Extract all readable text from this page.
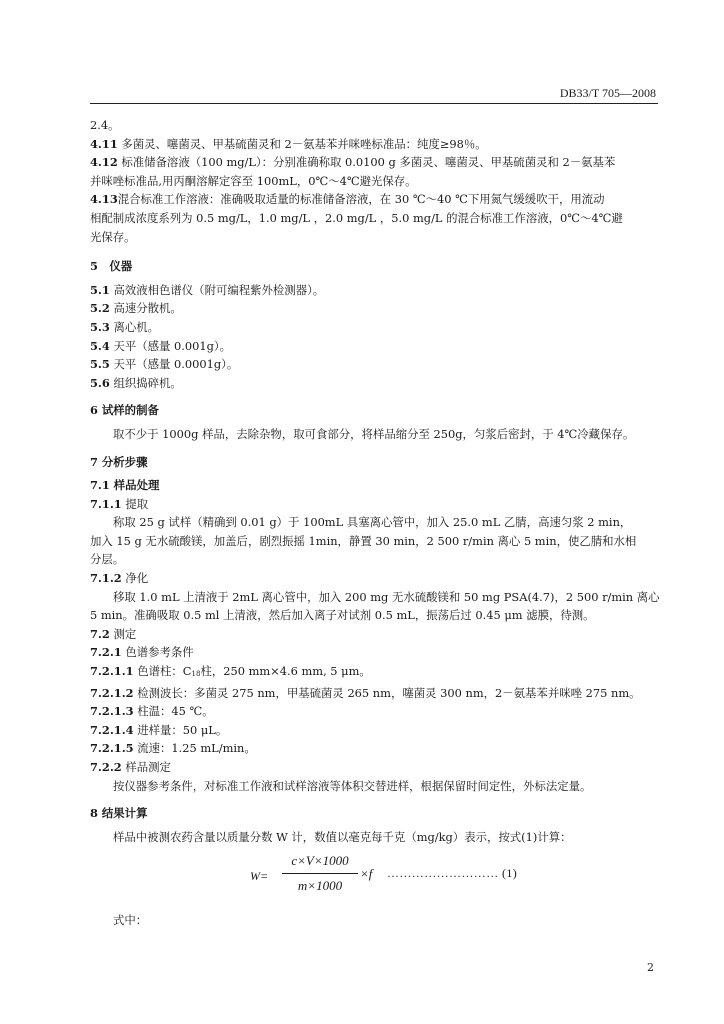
DB33/T 705—2008

2.4。

4.11 多菌灵、噻菌灵、甲基硫菌灵和 2－氨基苯并咪唑标准品：纯度≥98％。

4.12 标准储备溶液（100 mg/L）：分别准确称取 0.0100 g 多菌灵、噻菌灵、甲基硫菌灵和 2－氨基苯

并咪唑标准品,用丙酮溶解定容至 100mL，0℃～4℃避光保存。

4.13混合标准工作溶液：准确吸取适量的标准储备溶液，在 30 ℃～40 ℃下用氮气缓缓吹干，用流动

相配制成浓度系列为 0.5 mg/L，1.0 mg/L ，2.0 mg/L ，5.0 mg/L 的混合标准工作溶液，0℃～4℃避

光保存。

5　仪器

5.1 高效液相色谱仪（附可编程紫外检测器）。

5.2 高速分散机。

5.3 离心机。

5.4 天平（感量 0.001g）。

5.5 天平（感量 0.0001g）。

5.6 组织捣碎机。

6 试样的制备

取不少于 1000g 样品，去除杂物，取可食部分，将样品缩分至 250g，匀浆后密封，于 4℃冷藏保存。

7 分析步骤

7.1 样品处理

7.1.1 提取

称取 25 g 试样（精确到 0.01 g）于 100mL 具塞离心管中，加入 25.0 mL 乙腈，高速匀浆 2 min，

加入 15 g 无水硫酸镁，加盖后，剧烈振摇 1min，静置 30 min，2 500 r/min 离心 5 min，使乙腈和水相

分层。

7.1.2 净化

移取 1.0 mL 上清液于 2mL 离心管中，加入 200 mg 无水硫酸镁和 50 mg PSA(4.7)，2 500 r/min 离心

5 min。准确吸取 0.5 ml 上清液，然后加入离子对试剂 0.5 mL，振荡后过 0.45 μm 滤膜，待测。

7.2 测定

7.2.1 色谱参考条件

7.2.1.1 色谱柱：$C_{18}$柱，250 mm×4.6 mm, 5 μm。

7.2.1.2 检测波长：多菌灵 275 nm，甲基硫菌灵 265 nm，噻菌灵 300 nm，2－氨基苯并咪唑 275 nm。

7.2.1.3 柱温：45 ℃。

7.2.1.4 进样量：50 μL。

7.2.1.5 流速：1.25 mL/min。

7.2.2 样品测定

按仪器参考条件，对标准工作液和试样溶液等体积交替进样，根据保留时间定性，外标法定量。

8 结果计算

样品中被测农药含量以质量分数 W 计，数值以毫克每千克（mg/kg）表示，按式(1)计算：

W=
c×V×1000
m×1000
×f ……………………… (1)

式中：

2
